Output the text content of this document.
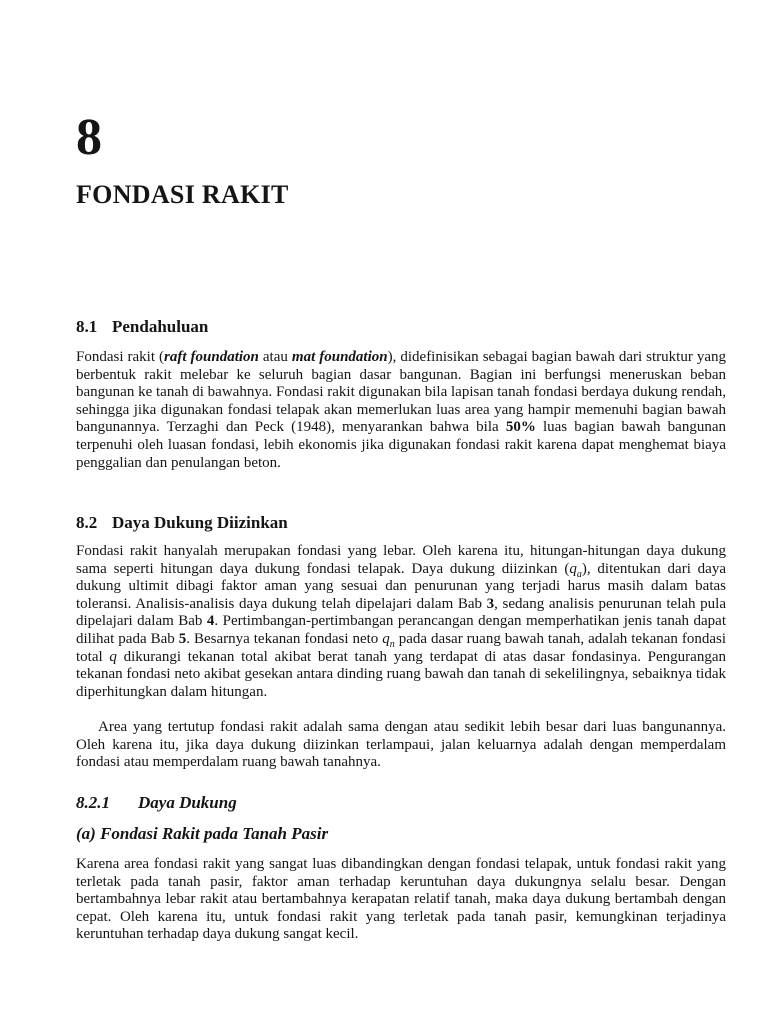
8
FONDASI RAKIT
8.1 Pendahuluan

Fondasi rakit (raft foundation atau mat foundation), didefinisikan sebagai bagian bawah dari struktur yang berbentuk rakit melebar ke seluruh bagian dasar bangunan. Bagian ini berfungsi meneruskan beban bangunan ke tanah di bawahnya. Fondasi rakit digunakan bila lapisan tanah fondasi berdaya dukung rendah, sehingga jika digunakan fondasi telapak akan memerlukan luas area yang hampir memenuhi bagian bawah bangunannya. Terzaghi dan Peck (1948), menyarankan bahwa bila 50% luas bagian bawah bangunan terpenuhi oleh luasan fondasi, lebih ekonomis jika digunakan fondasi rakit karena dapat menghemat biaya penggalian dan penulangan beton.

8.2 Daya Dukung Diizinkan

Fondasi rakit hanyalah merupakan fondasi yang lebar. Oleh karena itu, hitungan-hitungan daya dukung sama seperti hitungan daya dukung fondasi telapak. Daya dukung diizinkan $(q_a)$, ditentukan dari daya dukung ultimit dibagi faktor aman yang sesuai dan penurunan yang terjadi harus masih dalam batas toleransi. Analisis-analisis daya dukung telah dipelajari dalam Bab 3, sedang analisis penurunan telah pula dipelajari dalam Bab 4. Pertimbangan-pertimbangan perancangan dengan memperhatikan jenis tanah dapat dilihat pada Bab 5. Besarnya tekanan fondasi neto $q_n$ pada dasar ruang bawah tanah, adalah tekanan fondasi total q dikurangi tekanan total akibat berat tanah yang terdapat di atas dasar fondasinya. Pengurangan tekanan fondasi neto akibat gesekan antara dinding ruang bawah dan tanah di sekelilingnya, sebaiknya tidak diperhitungkan dalam hitungan.

Area yang tertutup fondasi rakit adalah sama dengan atau sedikit lebih besar dari luas bangunannya. Oleh karena itu, jika daya dukung diizinkan terlampaui, jalan keluarnya adalah dengan memperdalam fondasi atau memperdalam ruang bawah tanahnya.

8.2.1 Daya Dukung
(a) Fondasi Rakit pada Tanah Pasir

Karena area fondasi rakit yang sangat luas dibandingkan dengan fondasi telapak, untuk fondasi rakit yang terletak pada tanah pasir, faktor aman terhadap keruntuhan daya dukungnya selalu besar. Dengan bertambahnya lebar rakit atau bertambahnya kerapatan relatif tanah, maka daya dukung bertambah dengan cepat. Oleh karena itu, untuk fondasi rakit yang terletak pada tanah pasir, kemungkinan terjadinya keruntuhan terhadap daya dukung sangat kecil.
